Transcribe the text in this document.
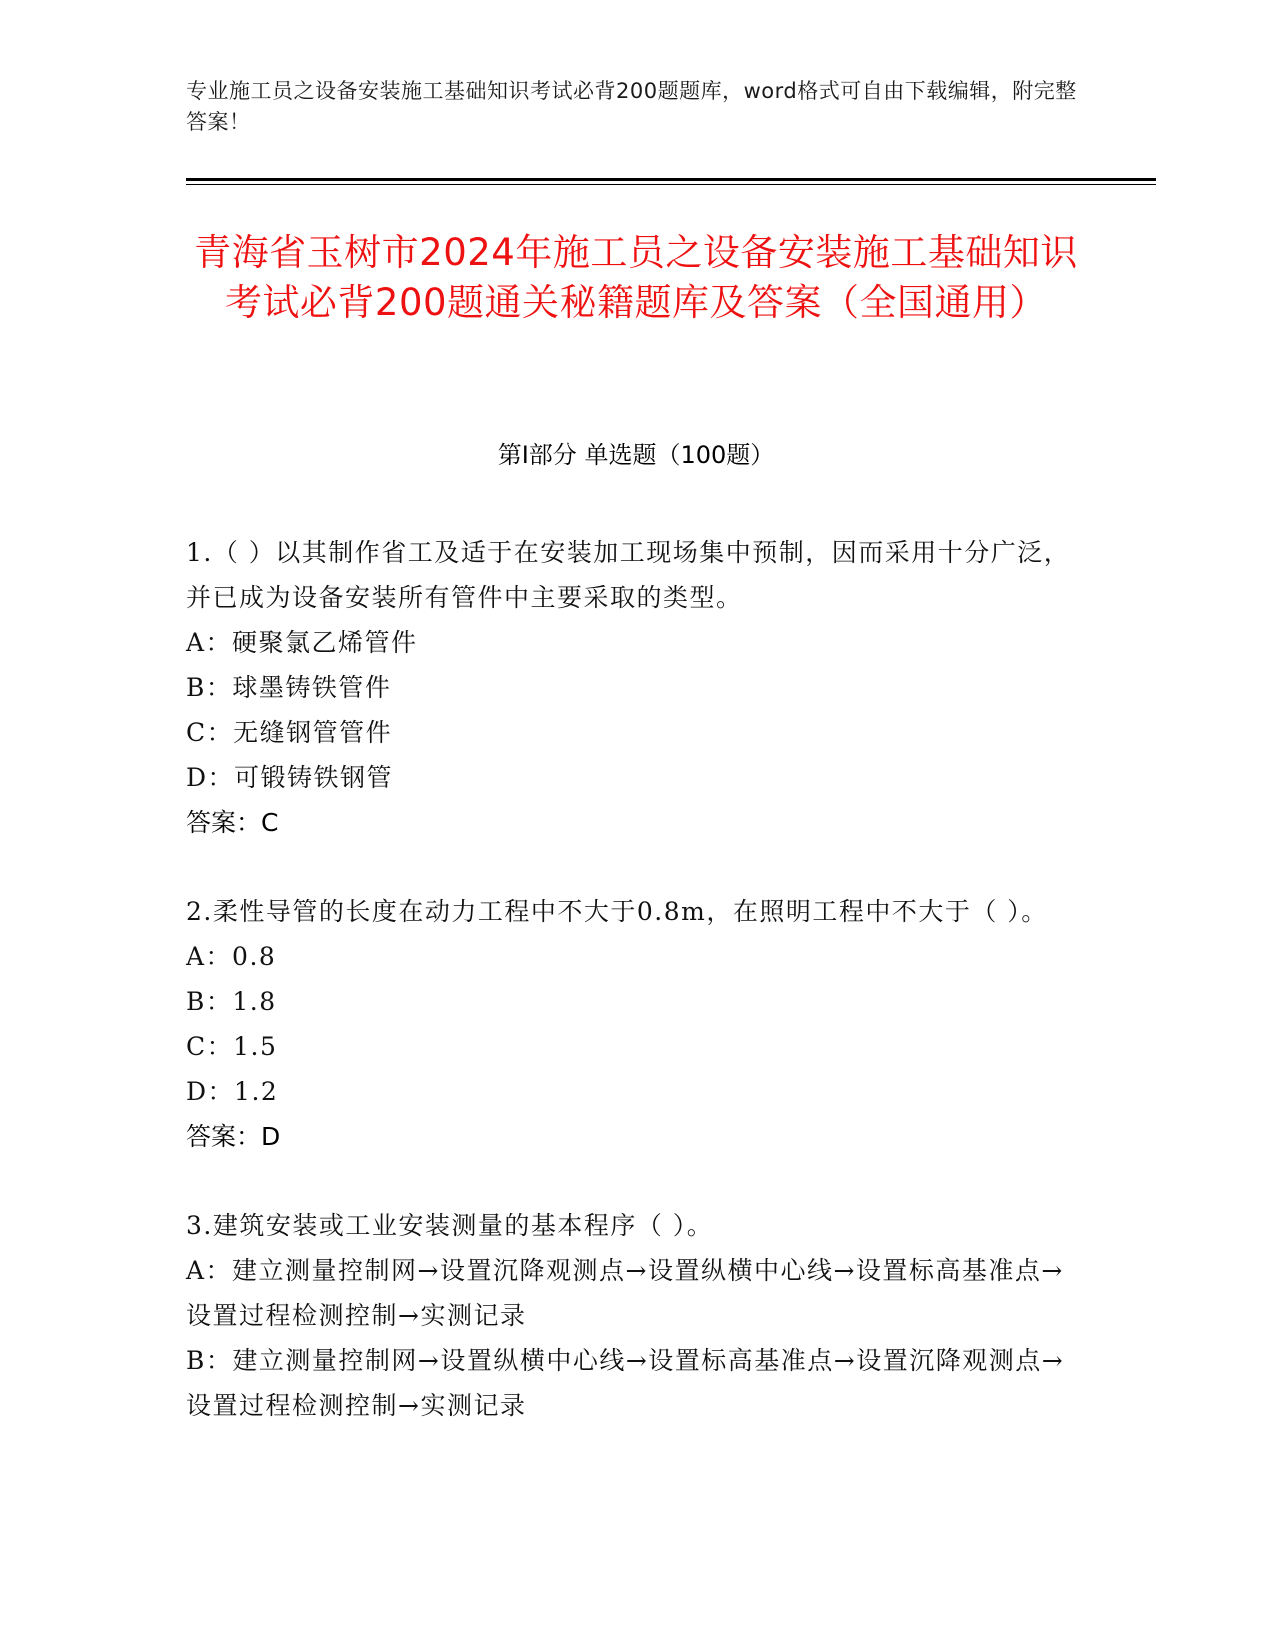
专业施工员之设备安装施工基础知识考试必背200题题库，word格式可自由下载编辑，附完整答案！
青海省玉树市2024年施工员之设备安装施工基础知识考试必背200题通关秘籍题库及答案（全国通用）
第Ⅰ部分 单选题（100题）
1.（ ）以其制作省工及适于在安装加工现场集中预制，因而采用十分广泛，并已成为设备安装所有管件中主要采取的类型。
A：硬聚氯乙烯管件
B：球墨铸铁管件
C：无缝钢管管件
D：可锻铸铁钢管
答案：C
2.柔性导管的长度在动力工程中不大于0.8m，在照明工程中不大于（ ）。
A：0.8
B：1.8
C：1.5
D：1.2
答案：D
3.建筑安装或工业安装测量的基本程序（ ）。
A：建立测量控制网→设置沉降观测点→设置纵横中心线→设置标高基准点→设置过程检测控制→实测记录
B：建立测量控制网→设置纵横中心线→设置标高基准点→设置沉降观测点→设置过程检测控制→实测记录
